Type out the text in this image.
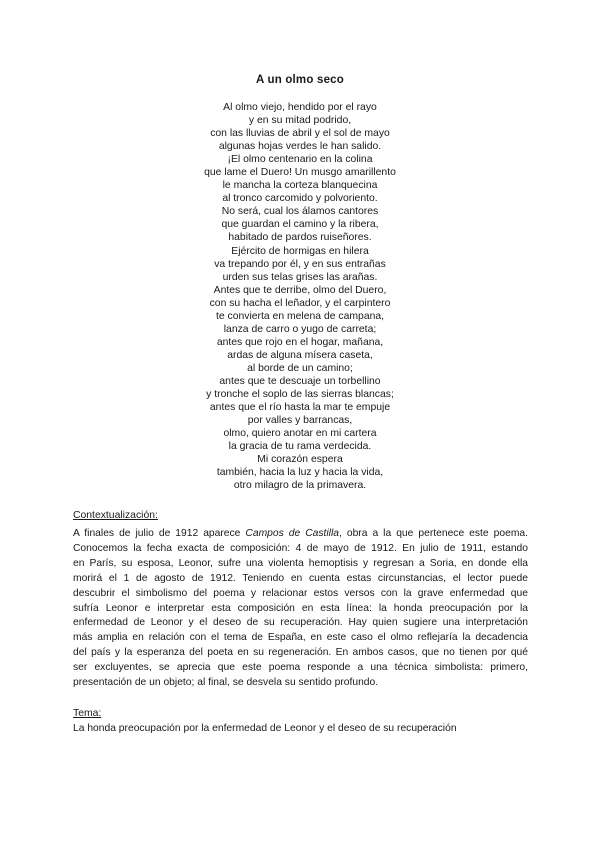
A un olmo seco
Al olmo viejo, hendido por el rayo
y en su mitad podrido,
con las lluvias de abril y el sol de mayo
algunas hojas verdes le han salido.
¡El olmo centenario en la colina
que lame el Duero! Un musgo amarillento
le mancha la corteza blanquecina
al tronco carcomido y polvoriento.
No será, cual los álamos cantores
que guardan el camino y la ribera,
habitado de pardos ruiseñores.
Ejército de hormigas en hilera
va trepando por él, y en sus entrañas
urden sus telas grises las arañas.
Antes que te derribe, olmo del Duero,
con su hacha el leñador, y el carpintero
te convierta en melena de campana,
lanza de carro o yugo de carreta;
antes que rojo en el hogar, mañana,
ardas de alguna mísera caseta,
al borde de un camino;
antes que te descuaje un torbellino
y tronche el soplo de las sierras blancas;
antes que el río hasta la mar te empuje
por valles y barrancas,
olmo, quiero anotar en mi cartera
la gracia de tu rama verdecida.
Mi corazón espera
también, hacia la luz y hacia la vida,
otro milagro de la primavera.
Contextualización:
A finales de julio de 1912 aparece Campos de Castilla, obra a la que pertenece este poema.
Conocemos la fecha exacta de composición: 4 de mayo de 1912. En julio de 1911, estando
en París, su esposa, Leonor, sufre una violenta hemoptisis y regresan a Soria, en donde ella
morirá el 1 de agosto de 1912. Teniendo en cuenta estas circunstancias, el lector puede
descubrir el simbolismo del poema y relacionar estos versos con la grave enfermedad que
sufría Leonor e interpretar esta composición en esta línea: la honda preocupación por la
enfermedad de Leonor y el deseo de su recuperación. Hay quien sugiere una interpretación
más amplia en relación con el tema de España, en este caso el olmo reflejaría la decadencia
del país y la esperanza del poeta en su regeneración. En ambos casos, que no tienen por qué
ser excluyentes, se aprecia que este poema responde a una técnica simbolista: primero,
presentación de un objeto; al final, se desvela su sentido profundo.
Tema:
La honda preocupación por la enfermedad de Leonor y el deseo de su recuperación
